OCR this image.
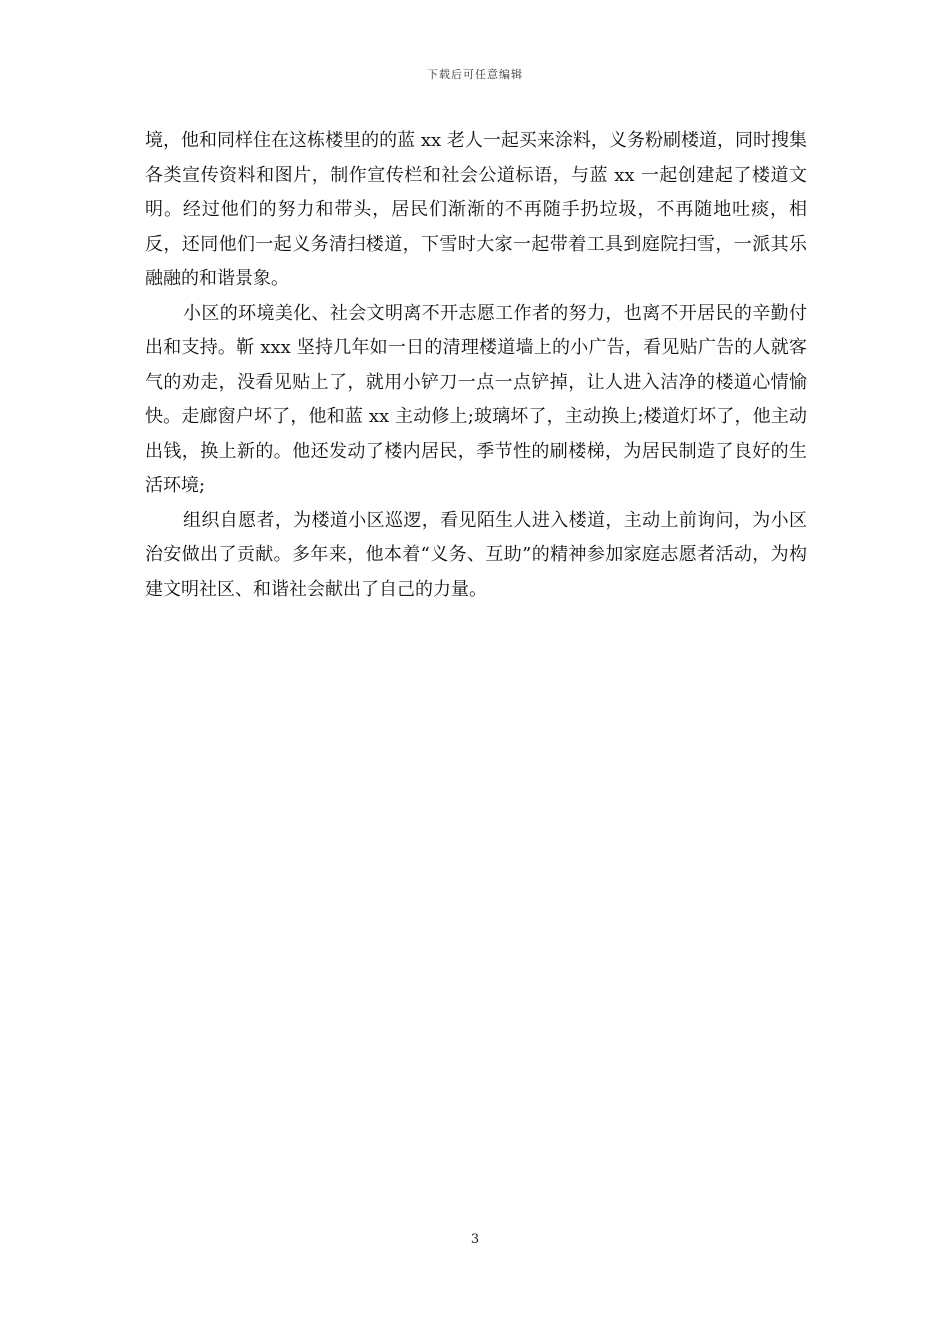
下载后可任意编辑

境，他和同样住在这栋楼里的的蓝 xx 老人一起买来涂料，义务粉刷楼道，同时搜集各类宣传资料和图片，制作宣传栏和社会公道标语，与蓝 xx 一起创建起了楼道文明。经过他们的努力和带头，居民们渐渐的不再随手扔垃圾，不再随地吐痰，相反，还同他们一起义务清扫楼道，下雪时大家一起带着工具到庭院扫雪，一派其乐融融的和谐景象。

小区的环境美化、社会文明离不开志愿工作者的努力，也离不开居民的辛勤付出和支持。靳 xxx 坚持几年如一日的清理楼道墙上的小广告，看见贴广告的人就客气的劝走，没看见贴上了，就用小铲刀一点一点铲掉，让人进入洁净的楼道心情愉快。走廊窗户坏了，他和蓝 xx 主动修上;玻璃坏了，主动换上;楼道灯坏了，他主动出钱，换上新的。他还发动了楼内居民，季节性的刷楼梯，为居民制造了良好的生活环境;

组织自愿者，为楼道小区巡逻，看见陌生人进入楼道，主动上前询问，为小区治安做出了贡献。多年来，他本着“义务、互助”的精神参加家庭志愿者活动，为构建文明社区、和谐社会献出了自己的力量。

3
